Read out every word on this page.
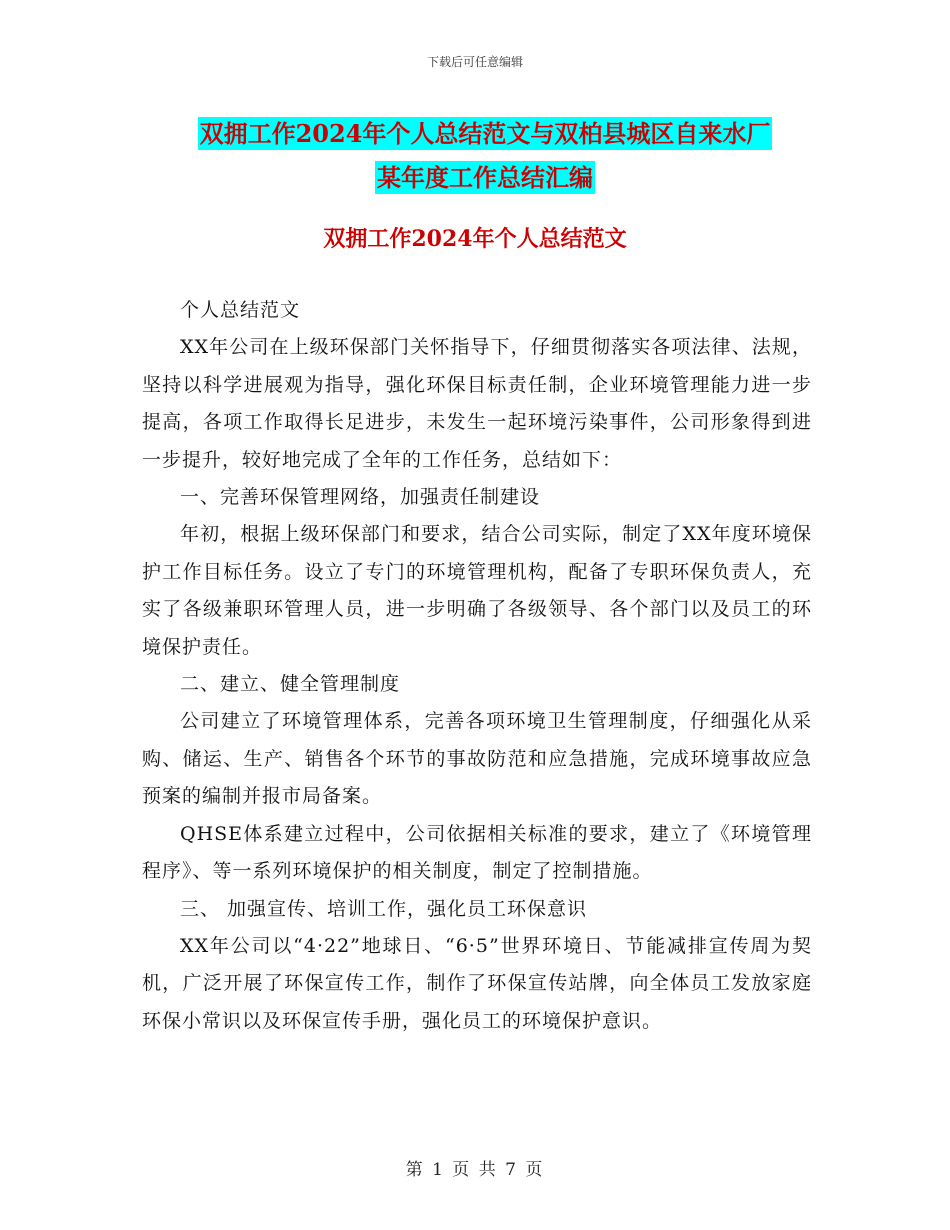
下载后可任意编辑
双拥工作2024年个人总结范文与双柏县城区自来水厂
某年度工作总结汇编
双拥工作2024年个人总结范文

个人总结范文

XX年公司在上级环保部门关怀指导下，仔细贯彻落实各项法律、法规，坚持以科学进展观为指导，强化环保目标责任制，企业环境管理能力进一步提高，各项工作取得长足进步，未发生一起环境污染事件，公司形象得到进一步提升，较好地完成了全年的工作任务，总结如下：

一、完善环保管理网络，加强责任制建设

年初，根据上级环保部门和要求，结合公司实际，制定了XX年度环境保护工作目标任务。设立了专门的环境管理机构，配备了专职环保负责人，充实了各级兼职环管理人员，进一步明确了各级领导、各个部门以及员工的环境保护责任。

二、建立、健全管理制度

公司建立了环境管理体系，完善各项环境卫生管理制度，仔细强化从采购、储运、生产、销售各个环节的事故防范和应急措施，完成环境事故应急预案的编制并报市局备案。

QHSE体系建立过程中，公司依据相关标准的要求，建立了《环境管理程序》、等一系列环境保护的相关制度，制定了控制措施。

三、 加强宣传、培训工作，强化员工环保意识

XX年公司以“4·22”地球日、“6·5”世界环境日、节能减排宣传周为契机，广泛开展了环保宣传工作，制作了环保宣传站牌，向全体员工发放家庭环保小常识以及环保宣传手册，强化员工的环境保护意识。

第 1 页 共 7 页
